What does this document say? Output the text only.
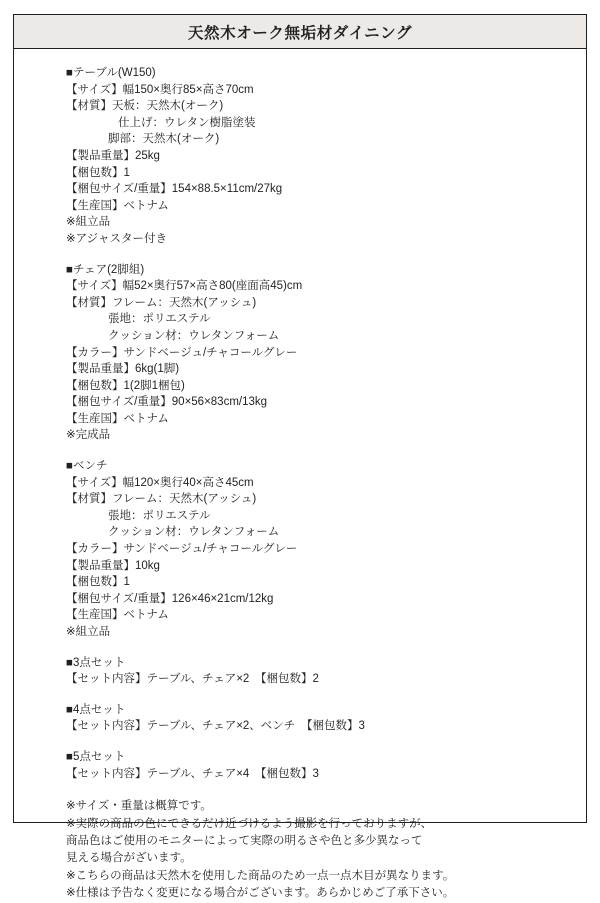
天然木オーク無垢材ダイニング
■テーブル(W150)
【サイズ】幅150×奥行85×高さ70cm
【材質】天板：天然木(オーク)
仕上げ：ウレタン樹脂塗装
脚部：天然木(オーク)
【製品重量】25kg
【梱包数】1
【梱包サイズ/重量】154×88.5×11cm/27kg
【生産国】ベトナム
※組立品
※アジャスター付き
■チェア(2脚組)
【サイズ】幅52×奥行57×高さ80(座面高45)cm
【材質】フレーム：天然木(アッシュ)
張地：ポリエステル
クッション材：ウレタンフォーム
【カラー】サンドベージュ/チャコールグレー
【製品重量】6kg(1脚)
【梱包数】1(2脚1梱包)
【梱包サイズ/重量】90×56×83cm/13kg
【生産国】ベトナム
※完成品
■ベンチ
【サイズ】幅120×奥行40×高さ45cm
【材質】フレーム：天然木(アッシュ)
張地：ポリエステル
クッション材：ウレタンフォーム
【カラー】サンドベージュ/チャコールグレー
【製品重量】10kg
【梱包数】1
【梱包サイズ/重量】126×46×21cm/12kg
【生産国】ベトナム
※組立品
■3点セット
【セット内容】テーブル、チェア×2　【梱包数】2
■4点セット
【セット内容】テーブル、チェア×2、ベンチ　【梱包数】3
■5点セット
【セット内容】テーブル、チェア×4　【梱包数】3
※サイズ・重量は概算です。
※実際の商品の色にできるだけ近づけるよう撮影を行っておりますが、
商品色はご使用のモニターによって実際の明るさや色と多少異なって
見える場合がざいます。
※こちらの商品は天然木を使用した商品のため一点一点木目が異なります。
※仕様は予告なく変更になる場合がございます。あらかじめご了承下さい。
